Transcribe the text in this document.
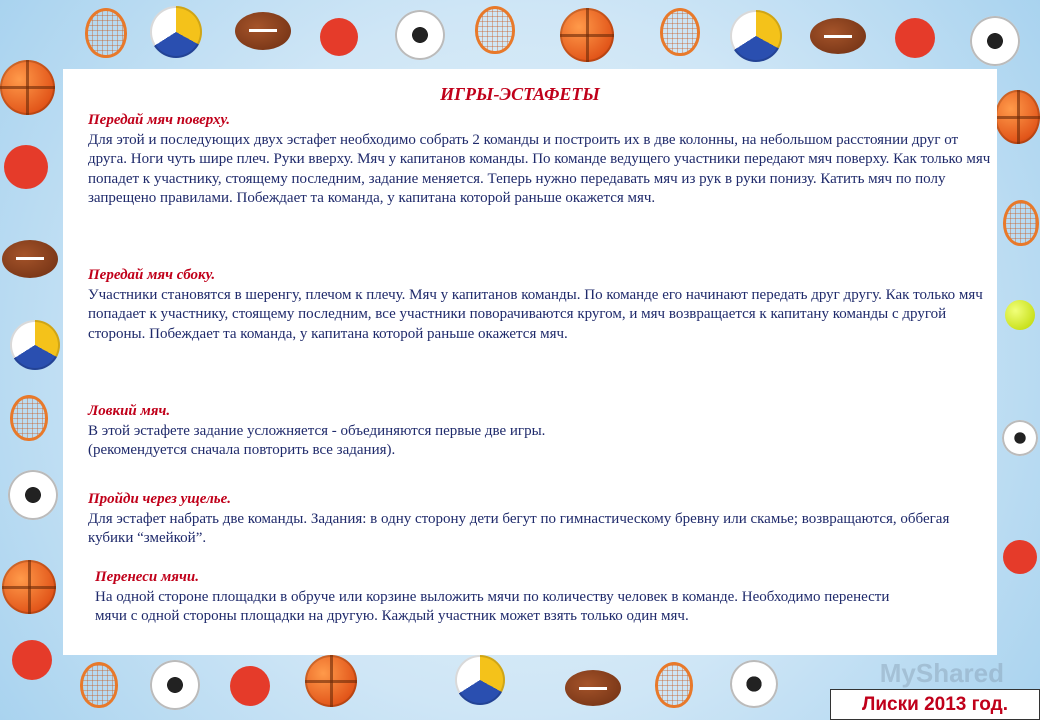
ИГРЫ-ЭСТАФЕТЫ
Передай мяч поверху.

Для этой и последующих двух эстафет необходимо собрать 2 команды и построить их в две колонны, на небольшом расстоянии друг от друга. Ноги чуть шире плеч. Руки вверху. Мяч у капитанов команды. По команде ведущего участники передают мяч поверху. Как только мяч попадет к участнику, стоящему последним, задание меняется. Теперь нужно передавать мяч из рук в руки понизу. Катить мяч по полу запрещено правилами. Побеждает та команда, у капитана которой раньше окажется мяч.

Передай мяч сбоку.

Участники становятся в шеренгу, плечом к плечу. Мяч у капитанов команды. По команде его начинают передать друг другу. Как только мяч попадает к участнику, стоящему последним, все участники поворачиваются кругом, и мяч возвращается к капитану команды с другой стороны. Побеждает та команда, у капитана которой раньше окажется мяч.

Ловкий мяч.

В этой эстафете задание усложняется - объединяются первые две игры.

(рекомендуется сначала повторить все задания).

Пройди через ущелье.

Для эстафет набрать две команды. Задания: в одну сторону дети бегут по гимнастическому бревну или скамье; возвращаются, оббегая кубики “змейкой”.

Перенеси мячи.

На одной стороне площадки в обруче или корзине выложить мячи по количеству человек в команде. Необходимо перенести мячи с одной стороны площадки на другую. Каждый участник может взять только один мяч.

MyShared
Лиски 2013 год.
